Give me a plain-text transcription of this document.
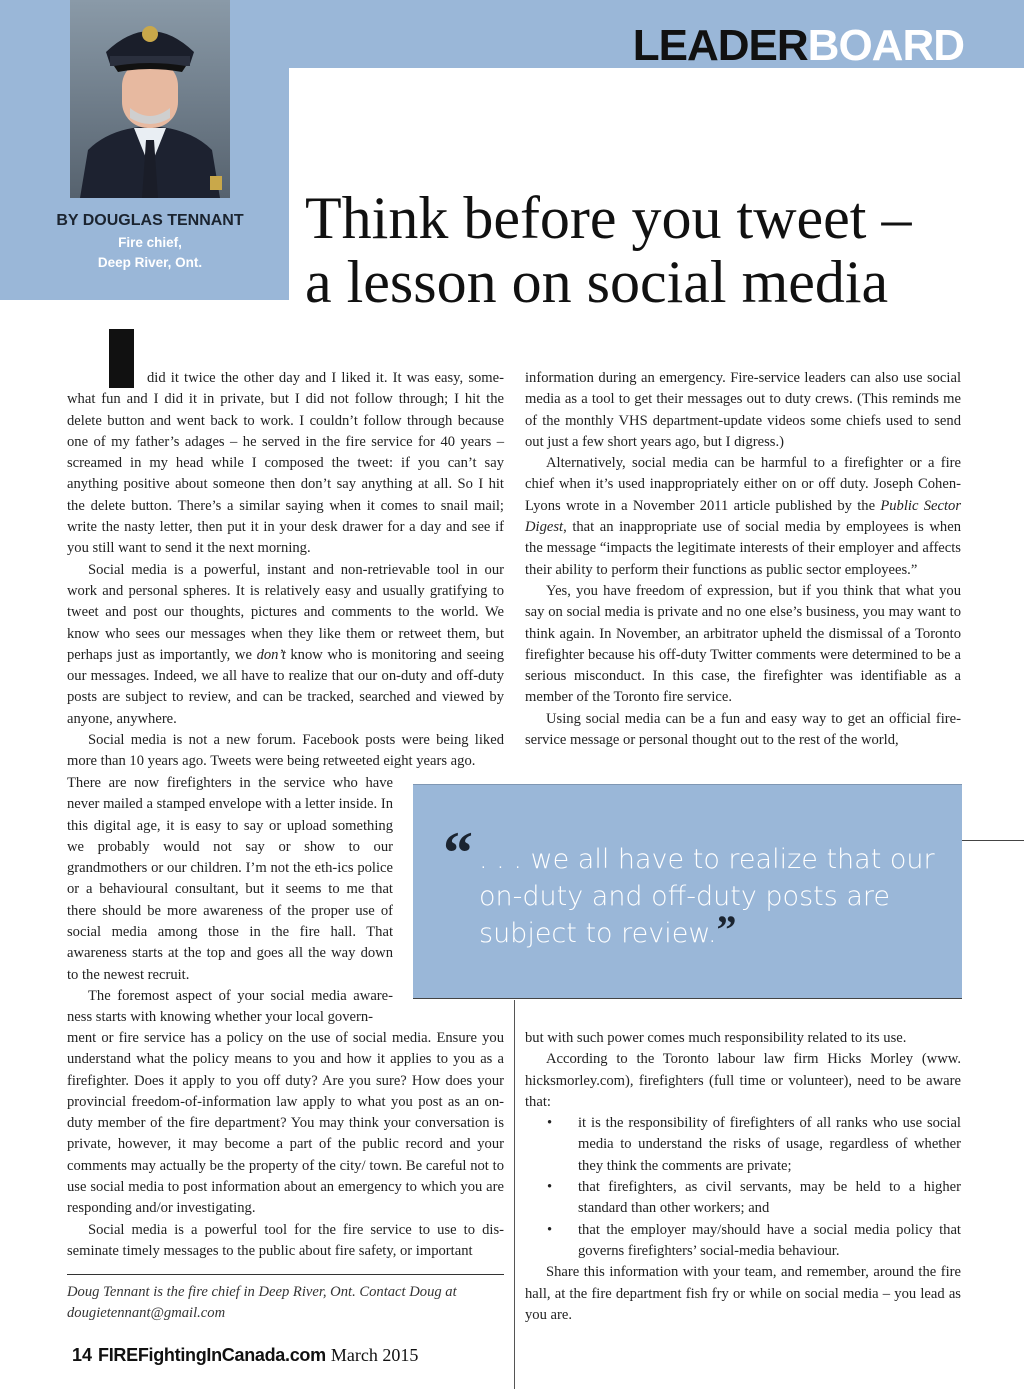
LEADERBOARD
BY DOUGLAS TENNANT
Fire chief,
Deep River, Ont.
Think before you tweet –
a lesson on social media

did it twice the other day and I liked it. It was easy, some-what fun and I did it in private, but I did not follow through; I hit the delete button and went back to work. I couldn’t follow through because one of my father’s adages – he served in the fire service for 40 years – screamed in my head while I composed the tweet: if you can’t say anything positive about someone then don’t say anything at all. So I hit the delete button. There’s a similar saying when it comes to snail mail; write the nasty letter, then put it in your desk drawer for a day and see if you still want to send it the next morning.

Social media is a powerful, instant and non-retrievable tool in our work and personal spheres. It is relatively easy and usually gratifying to tweet and post our thoughts, pictures and comments to the world. We know who sees our messages when they like them or retweet them, but perhaps just as importantly, we don’t know who is monitoring and seeing our messages. Indeed, we all have to realize that our on-duty and off-duty posts are subject to review, and can be tracked, searched and viewed by anyone, anywhere.

Social media is not a new forum. Facebook posts were being liked more than 10 years ago. Tweets were being retweeted eight years ago.

There are now firefighters in the service who have never mailed a stamped envelope with a letter inside. In this digital age, it is easy to say or upload something we probably would not say or show to our grandmothers or our children. I’m not the eth-ics police or a behavioural consultant, but it seems to me that there should be more awareness of the proper use of social media among those in the fire hall. That awareness starts at the top and goes all the way down to the newest recruit.

The foremost aspect of your social media aware-ness starts with knowing whether your local govern-

ment or fire service has a policy on the use of social media. Ensure you understand what the policy means to you and how it applies to you as a firefighter. Does it apply to you off duty? Are you sure? How does your provincial freedom-of-information law apply to what you post as an on-duty member of the fire department? You may think your conversation is private, however, it may become a part of the public record and your comments may actually be the property of the city/ town. Be careful not to use social media to post information about an emergency to which you are responding and/or investigating.

Social media is a powerful tool for the fire service to use to dis-seminate timely messages to the public about fire safety, or important

information during an emergency. Fire-service leaders can also use social media as a tool to get their messages out to duty crews. (This reminds me of the monthly VHS department-update videos some chiefs used to send out just a few short years ago, but I digress.)

Alternatively, social media can be harmful to a firefighter or a fire chief when it’s used inappropriately either on or off duty. Joseph Cohen-Lyons wrote in a November 2011 article published by the Public Sector Digest, that an inappropriate use of social media by employees is when the message “impacts the legitimate interests of their employer and affects their ability to perform their functions as public sector employees.”

Yes, you have freedom of expression, but if you think that what you say on social media is private and no one else’s business, you may want to think again. In November, an arbitrator upheld the dismissal of a Toronto firefighter because his off-duty Twitter comments were determined to be a serious misconduct. In this case, the firefighter was identifiable as a member of the Toronto fire service.

Using social media can be a fun and easy way to get an official fire-service message or personal thought out to the rest of the world,

“ . . . we all have to realize that our on-duty and off-duty posts are subject to review.”

but with such power comes much responsibility related to its use.

According to the Toronto labour law firm Hicks Morley (www. hicksmorley.com), firefighters (full time or volunteer), need to be aware that:

• it is the responsibility of firefighters of all ranks who use social media to understand the risks of usage, regardless of whether they think the comments are private;
• that firefighters, as civil servants, may be held to a higher standard than other workers; and
• that the employer may/should have a social media policy that governs firefighters’ social-media behaviour.

Share this information with your team, and remember, around the fire hall, at the fire department fish fry or while on social media – you lead as you are.

Doug Tennant is the fire chief in Deep River, Ont. Contact Doug at dougietennant@gmail.com
14 FIREFightingInCanada.com March 2015
